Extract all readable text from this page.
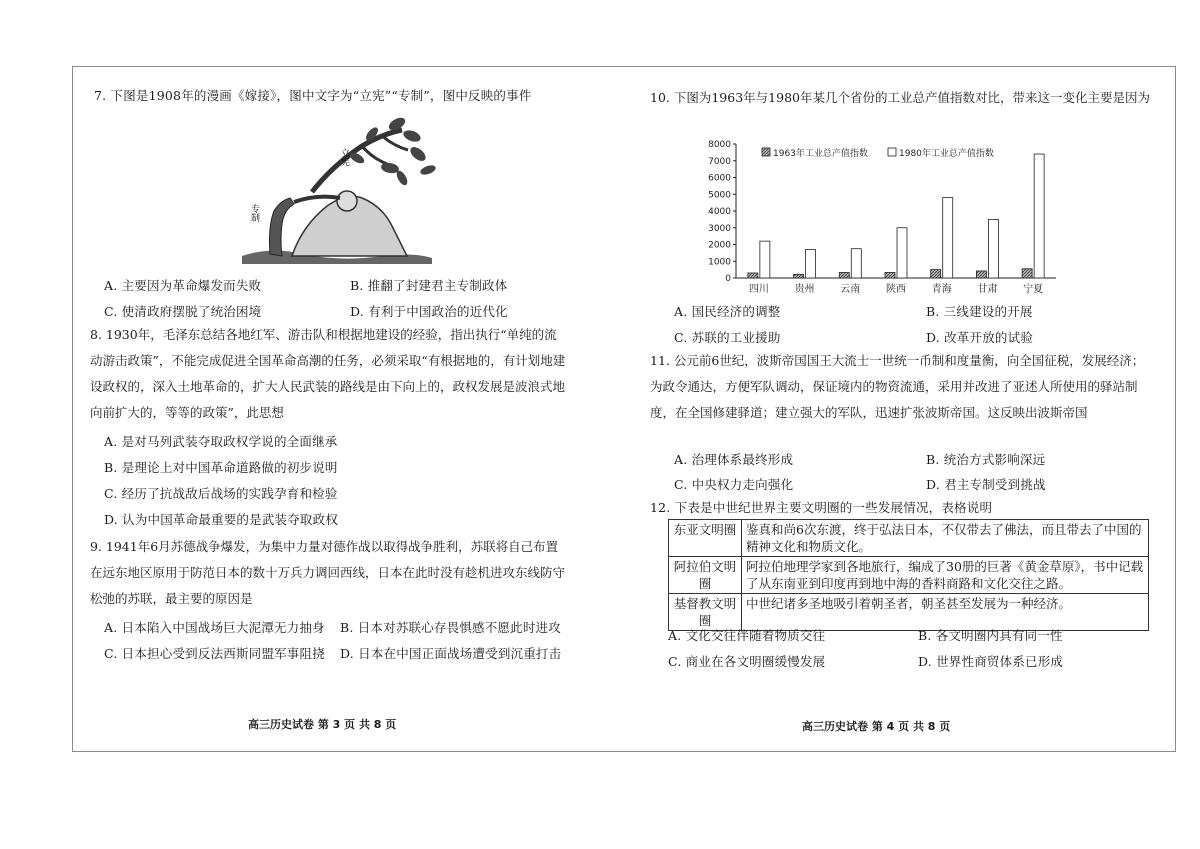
7. 下图是1908年的漫画《嫁接》，图中文字为“立宪”“专制”，图中反映的事件
立宪
专制
A. 主要因为革命爆发而失败	B. 推翻了封建君主专制政体
C. 使清政府摆脱了统治困境	D. 有利于中国政治的近代化
8. 1930年，毛泽东总结各地红军、游击队和根据地建设的经验，指出执行“单纯的流动游击政策”，不能完成促进全国革命高潮的任务，必须采取“有根据地的，有计划地建设政权的，深入土地革命的，扩大人民武装的路线是由下向上的，政权发展是波浪式地向前扩大的，等等的政策”，此思想
A. 是对马列武装夺取政权学说的全面继承
B. 是理论上对中国革命道路做的初步说明
C. 经历了抗战敌后战场的实践孕育和检验
D. 认为中国革命最重要的是武装夺取政权
9. 1941年6月苏德战争爆发，为集中力量对德作战以取得战争胜利，苏联将自己布置在远东地区原用于防范日本的数十万兵力调回西线，日本在此时没有趁机进攻东线防守松弛的苏联，最主要的原因是
A. 日本陷入中国战场巨大泥潭无力抽身 B. 日本对苏联心存畏惧感不愿此时进攻
C. 日本担心受到反法西斯同盟军事阻挠 D. 日本在中国正面战场遭受到沉重打击
高三历史试卷 第 3 页 共 8 页
10. 下图为1963年与1980年某几个省份的工业总产值指数对比，带来这一变化主要是因为
0
1000
2000
3000
4000
5000
6000
7000
8000
四川	贵州	云南	陕西	青海	甘肃	宁夏
1963年工业总产值指数	1980年工业总产值指数
A. 国民经济的调整	B. 三线建设的开展
C. 苏联的工业援助	D. 改革开放的试验
11. 公元前6世纪，波斯帝国国王大流士一世统一币制和度量衡，向全国征税，发展经济；为政令通达，方便军队调动，保证境内的物资流通，采用并改进了亚述人所使用的驿站制度，在全国修建驿道；建立强大的军队，迅速扩张波斯帝国。这反映出波斯帝国
A. 治理体系最终形成	B. 统治方式影响深远
C. 中央权力走向强化	D. 君主专制受到挑战
12. 下表是中世纪世界主要文明圈的一些发展情况，表格说明
东亚文明圈	鉴真和尚6次东渡，终于弘法日本，不仅带去了佛法，而且带去了中国的精神文化和物质文化。
阿拉伯文明圈	阿拉伯地理学家到各地旅行，编成了30册的巨著《黄金草原》，书中记载了从东南亚到印度再到地中海的香料商路和文化交往之路。
基督教文明圈	中世纪诸多圣地吸引着朝圣者，朝圣甚至发展为一种经济。
A. 文化交往伴随着物质交往	B. 各文明圈内具有同一性
C. 商业在各文明圈缓慢发展	D. 世界性商贸体系已形成
高三历史试卷 第 4 页 共 8 页
